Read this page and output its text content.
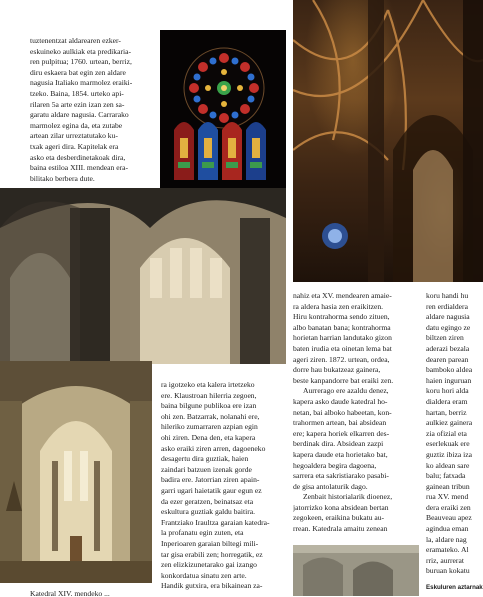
tuztenentzat aldarearen ezker-
eskuineko aulkiak eta predikaria-
ren pulpitua; 1760. urtean, berriz,
diru eskaera bat egin zen aldare
nagusia Italiako marmolez eraiki-
tzeko. Baina, 1854. urteko api-
rilaren 5a arte ezin izan zen sa-
garatu aldare nagusia. Carrarako
marmolez egina da, eta zutabe
artean zilar urreztatutako ku-
txak ageri dira. Kapitelak era
asko eta desberdinetakoak dira,
baina estiloa XIII. mendean era-
bilitako berbera dute.
ra igotzeko eta kalera irtetzeko
ere. Klaustroan hilerria zegoen,
baina bilgune publikoa ere izan
ohi zen. Batzarrak, nolanahi ere,
hileriko zumarraren azpian egin
ohi ziren. Dena den, eta kapera
asko eraiki ziren arren, dagoeneko
desagertu dira guztiak, haien
zaindari batzuen izenak gorde
badira ere. Jatorrian ziren apain-
garri ugari haietatik gaur egun ez
da ezer geratzen, beinatsaz eta
eskultura guztiak galdu baitira.
Frantziako Iraultza garaian katedra-
la profanatu egin zuten, eta
Inperioaren garaian biltegi mili-
tar gisa erabili zen; horregatik, ez
zen elizkizunetarako gai izango
konkordatua sinatu zen arte.
Handik gutxira, era bikainean za-
nahiz eta XV. mendearen amaie-
ra aldera hasia zen eraikitzen.
Hiru kontrahorma sendo zituen,
albo banatan bana; kontrahorma
horietan harrian landutako gizon
baten irudia eta oinetan lema bat
ageri ziren. 1872. urtean, ordea,
dorre hau bukatzeaz gainera,
beste kanpandorre bat eraiki zen.
Aurrerago ere azaldu denez,
kapera asko daude katedral ho-
netan, bai alboko habeetan, kon-
trahormen artean, bai absidean
ere; kapera horiek elkarren des-
berdinak dira. Absidean zazpi
kapera daude eta horietako bat,
hegoaldera begira dagoena,
sarrera eta sakristiarako pasabi-
de gisa antolaturik dago.
Zenbait historialarik dioenez,
jatorrizko kona absidean bertan
zegokeen, eraikina bukatu au-
rrean. Katedrala amaitu zenean
koru handi hu
ren erdialdera
aldare nagusia
datu egingo ze
biltzen ziren
aderazi bezala
dearen parean
bamboko aldea
haien inguruan
koru hori alda
dialdera eram
hartan, berriz
aulkiez gainera
zia ofizial eta
eserlekuak ere
guztiz ibiza iza
ko aldean sare
balu; fatxada
gainean tribun
rua XV. mend
dera eraiki zen
Beauveau apez
agindua eman
la, aldare nag
eramateko. Al
rriz, aurrerat
buruan kokatu
Katedral XIV. mendeko ...
Eskuluren aztarnak
